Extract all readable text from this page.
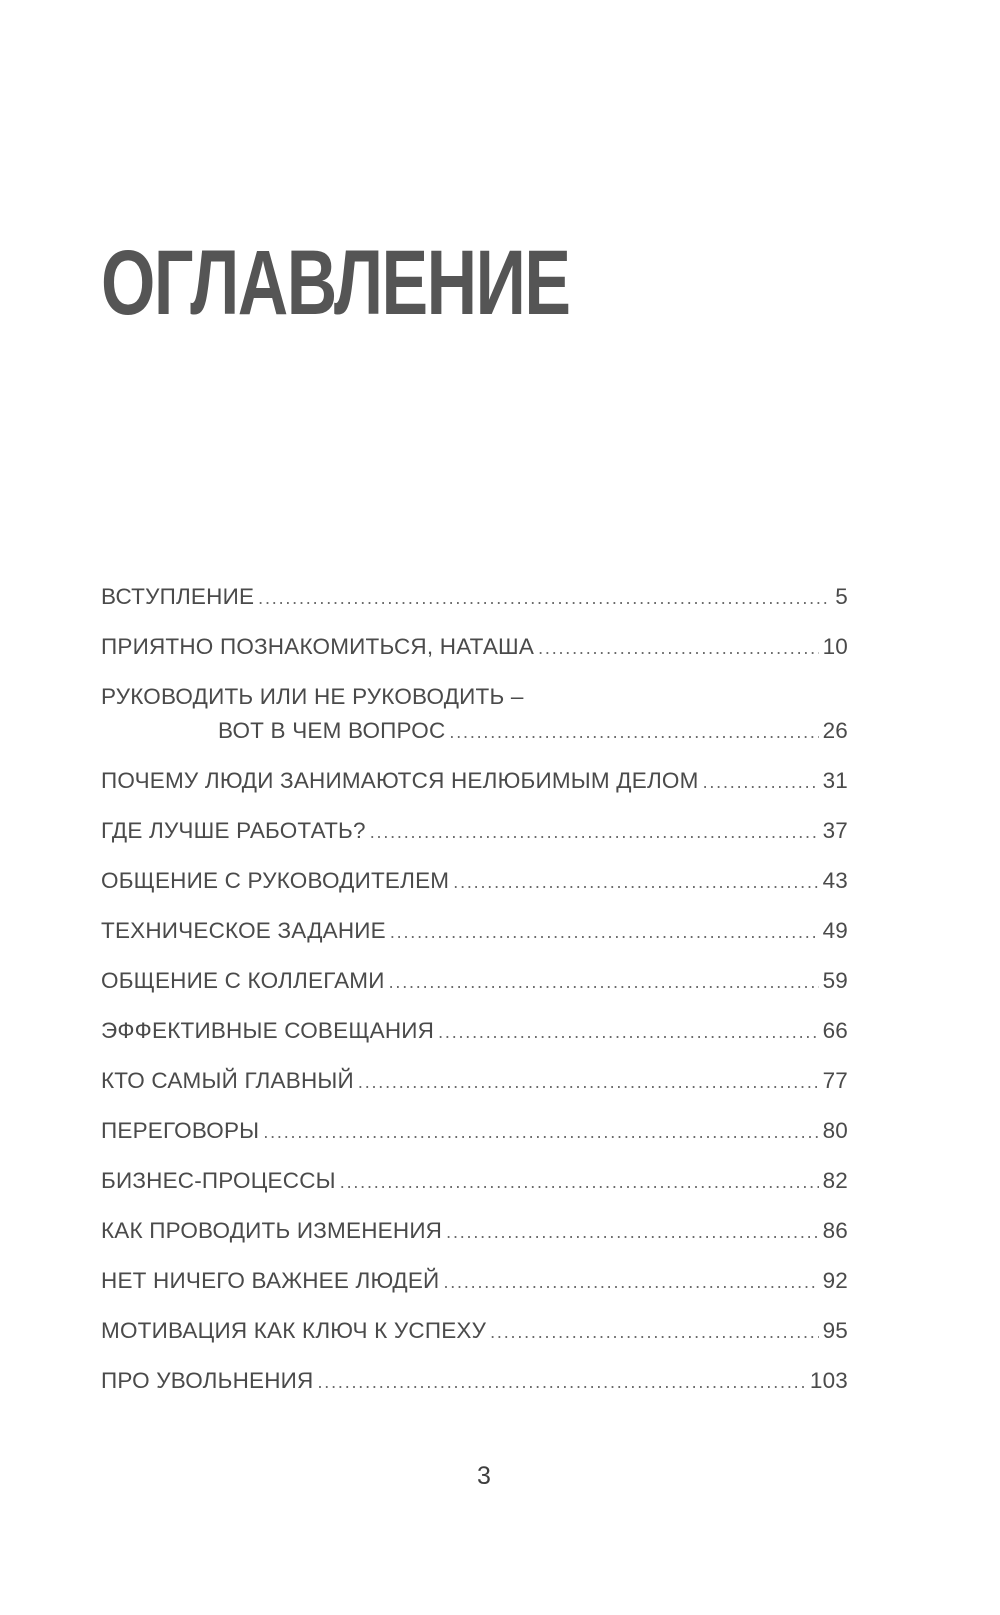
ОГЛАВЛЕНИЕ
ВСТУПЛЕНИЕ . . .	5
ПРИЯТНО ПОЗНАКОМИТЬСЯ, НАТАША . . .	10
РУКОВОДИТЬ ИЛИ НЕ РУКОВОДИТЬ –
ВОТ В ЧЕМ ВОПРОС . . .	26
ПОЧЕМУ ЛЮДИ ЗАНИМАЮТСЯ НЕЛЮБИМЫМ ДЕЛОМ . . .	31
ГДЕ ЛУЧШЕ РАБОТАТЬ? . . .	37
ОБЩЕНИЕ С РУКОВОДИТЕЛЕМ . . .	43
ТЕХНИЧЕСКОЕ ЗАДАНИЕ . . .	49
ОБЩЕНИЕ С КОЛЛЕГАМИ . . .	59
ЭФФЕКТИВНЫЕ СОВЕЩАНИЯ . . .	66
КТО САМЫЙ ГЛАВНЫЙ . . .	77
ПЕРЕГОВОРЫ . . .	80
БИЗНЕС-ПРОЦЕССЫ . . .	82
КАК ПРОВОДИТЬ ИЗМЕНЕНИЯ . . .	86
НЕТ НИЧЕГО ВАЖНЕЕ ЛЮДЕЙ . . .	92
МОТИВАЦИЯ КАК КЛЮЧ К УСПЕХУ . . .	95
ПРО УВОЛЬНЕНИЯ . . .	103
3
